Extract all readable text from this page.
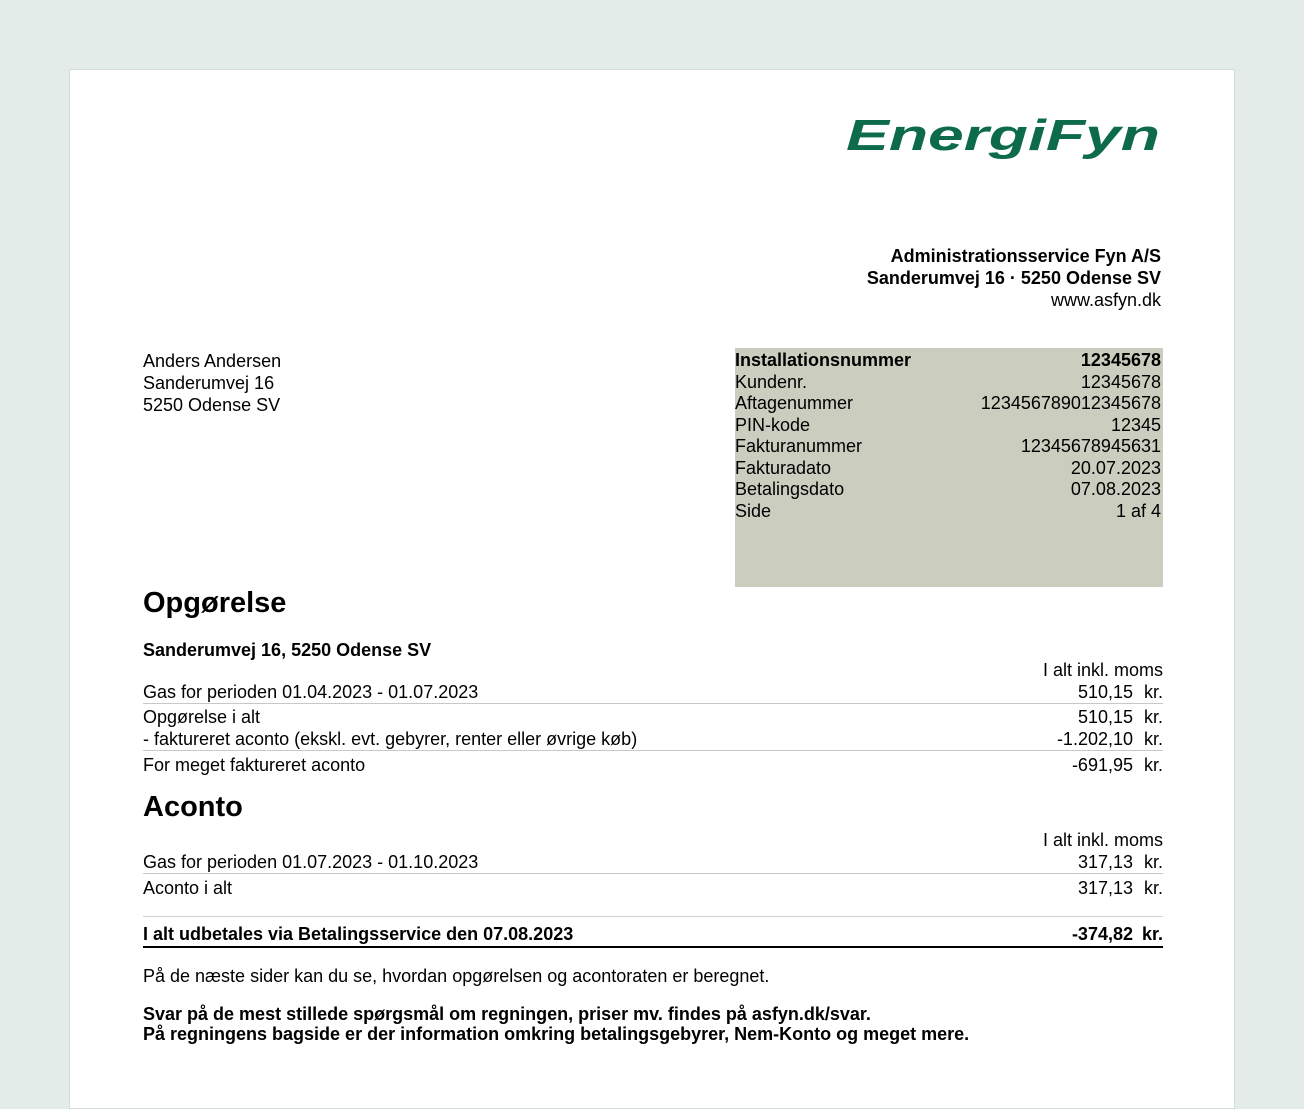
EnergiFyn
Administrationsservice Fyn A/S
Sanderumvej 16 · 5250 Odense SV
www.asfyn.dk
Anders Andersen
Sanderumvej 16
5250 Odense SV
Installationsnummer	12345678
Kundenr.	12345678
Aftagenummer	123456789012345678
PIN-kode	12345
Fakturanummer	12345678945631
Fakturadato	20.07.2023
Betalingsdato	07.08.2023
Side	1 af 4
Opgørelse
Sanderumvej 16, 5250 Odense SV
I alt inkl. moms
Gas for perioden 01.04.2023 - 01.07.2023	510,15 kr.
Opgørelse i alt	510,15 kr.
- faktureret aconto (ekskl. evt. gebyrer, renter eller øvrige køb)	-1.202,10 kr.
For meget faktureret aconto	-691,95 kr.
Aconto
I alt inkl. moms
Gas for perioden 01.07.2023 - 01.10.2023	317,13 kr.
Aconto i alt	317,13 kr.
I alt udbetales via Betalingsservice den 07.08.2023	-374,82 kr.
På de næste sider kan du se, hvordan opgørelsen og acontoraten er beregnet.
Svar på de mest stillede spørgsmål om regningen, priser mv. findes på asfyn.dk/svar.
På regningens bagside er der information omkring betalingsgebyrer, Nem-Konto og meget mere.
